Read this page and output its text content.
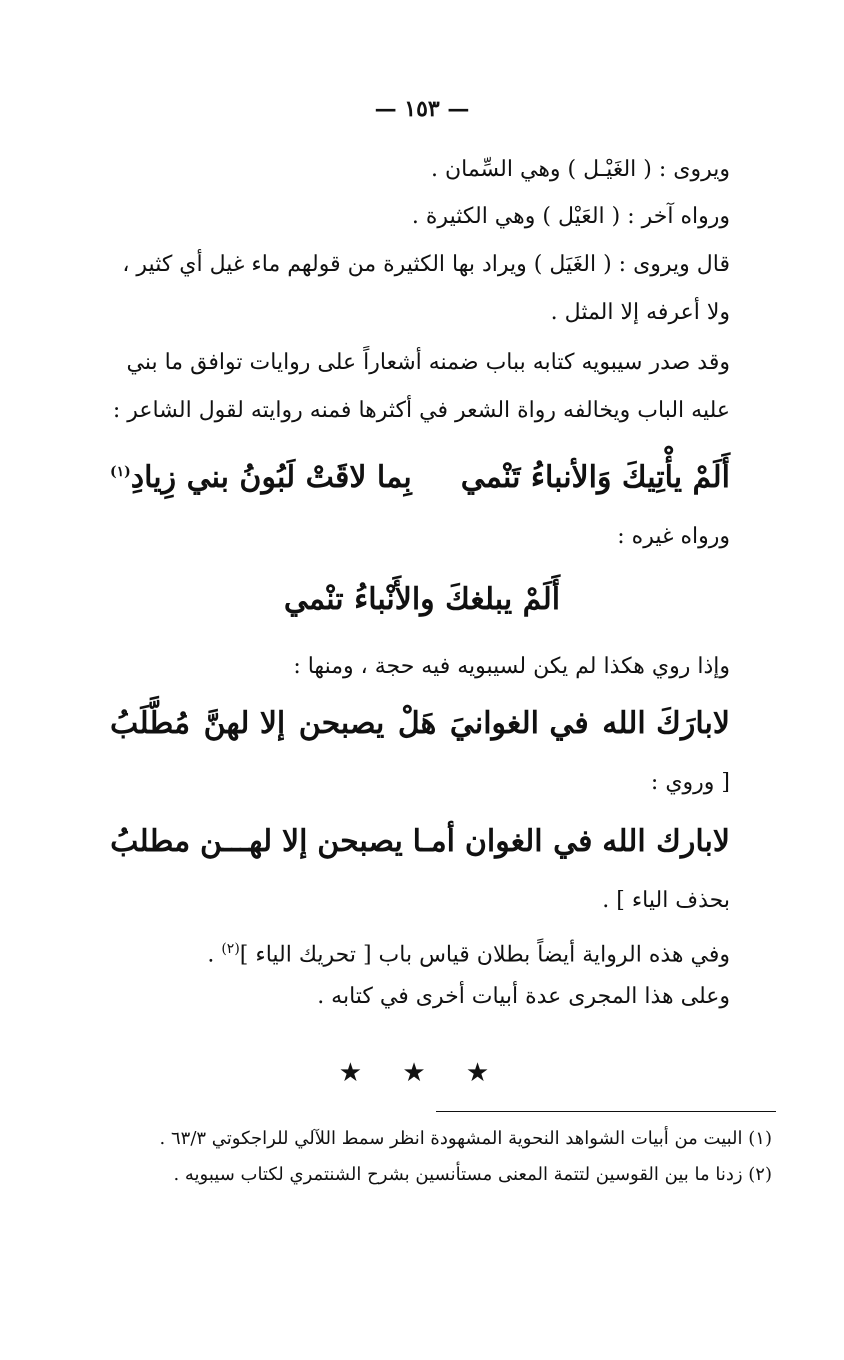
— ١٥٣ —
ويروى : ( الغَيْـل ) وهي السِّمان .
ورواه آخر : ( العَيْل ) وهي الكثيرة .
قال ويروى : ( الغَيَل ) ويراد بها الكثيرة من قولهم ماء غيل أي كثير ،
ولا أعرفه إلا المثل .
وقد صدر سيبويه كتابه بباب ضمنه أشعاراً على روايات توافق ما بني
عليه الباب ويخالفه رواة الشعر في أكثرها فمنه روايته لقول الشاعر :
أَلَمْ يأْتِيكَ وَالأنباءُ تَنْمي
بِما لاقَتْ لَبُونُ بني زِيادِ$^{(١)}$
ورواه غيره :
أَلَمْ يبلغكَ والأَنْباءُ تنْمي
وإذا روي هكذا لم يكن لسيبويه فيه حجة ، ومنها :
لابارَكَ الله
في الغوانيَ
هَلْ
يصبحن
إلا لهنَّ
مُطَّلَبُ
[ وروي :
لابارك الله
في الغوان
أمـا
يصبحن
إلا
لهـــن
مطلبُ
بحذف الياء ] .
وفي هذه الرواية أيضاً بطلان قياس باب [ تحريك الياء ]$^{(٢)}$ .
وعلى هذا المجرى عدة أبيات أخرى في كتابه .
★ ★ ★
(١) البيت من أبيات الشواهد النحوية المشهودة انظر سمط اللآلي للراجكوتي ٦٣/٣ .
(٢) زدنا ما بين القوسين لتتمة المعنى مستأنسين بشرح الشنتمري لكتاب سيبويه .
